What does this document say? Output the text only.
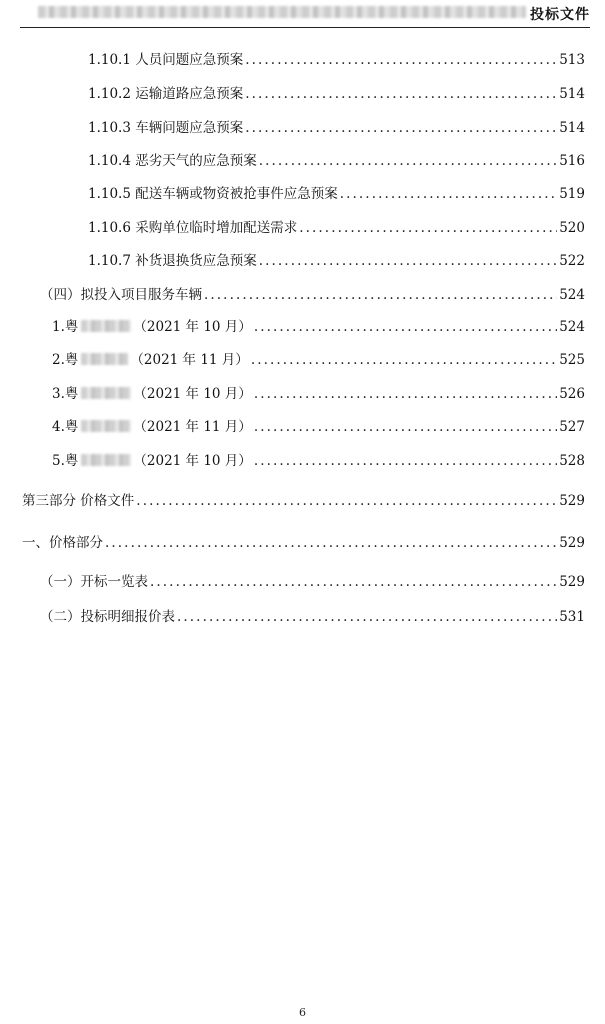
投标文件
1.10.1 人员问题应急预案 .....	513
1.10.2 运输道路应急预案 .....	514
1.10.3 车辆问题应急预案 .....	514
1.10.4 恶劣天气的应急预案 .....	516
1.10.5 配送车辆或物资被抢事件应急预案 .....	519
1.10.6 采购单位临时增加配送需求 .....	520
1.10.7 补货退换货应急预案 .....	522
（四）拟投入项目服务车辆 .....	524
1. 粤	（2021 年 10 月） .....	524
2. 粤	（2021 年 11 月） .....	525
3. 粤	（2021 年 10 月） .....	526
4. 粤	（2021 年 11 月） .....	527
5. 粤	（2021 年 10 月） .....	528
第三部分 价格文件 .....	529
一、价格部分 .....	529
（一）开标一览表 .....	529
（二）投标明细报价表 .....	531
6
